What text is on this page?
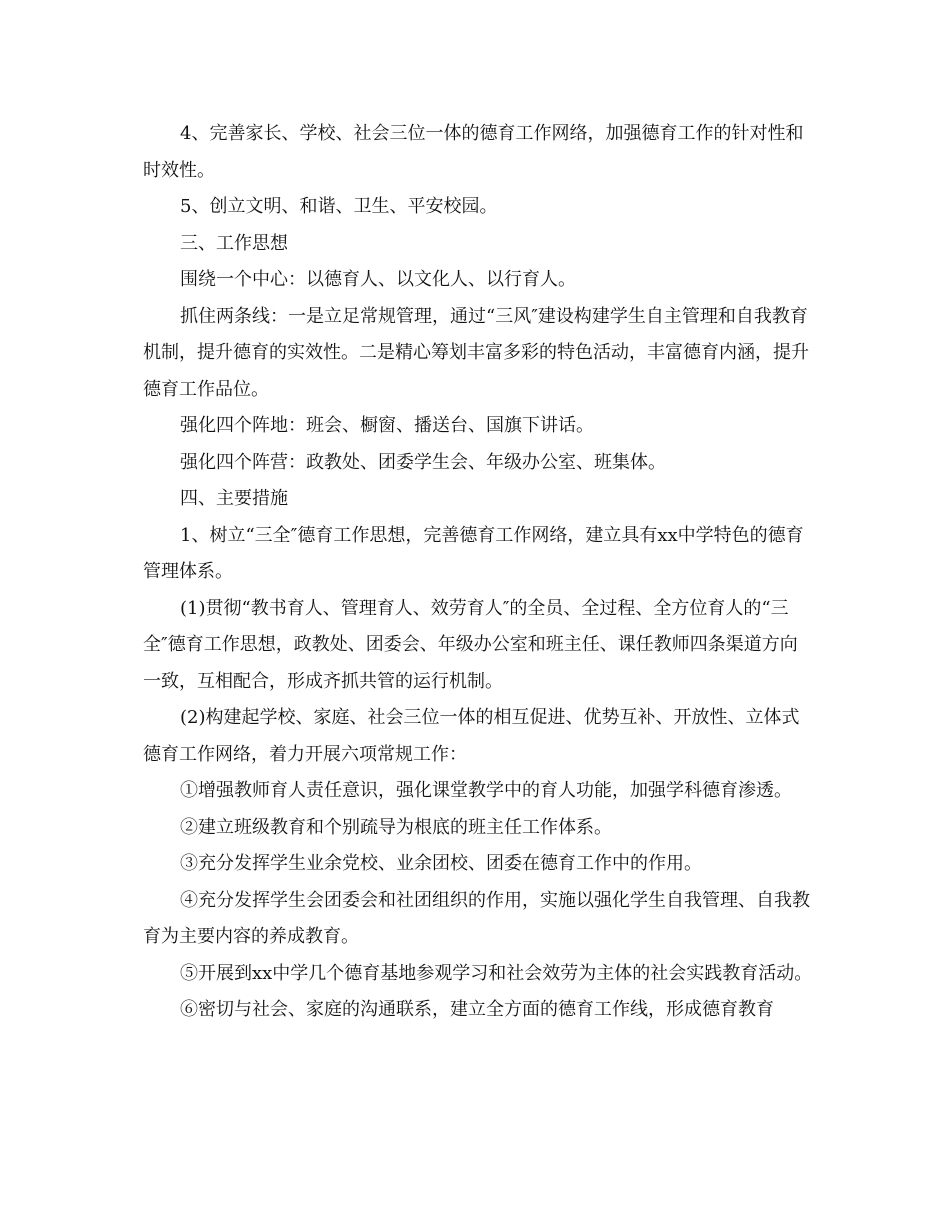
4、完善家长、学校、社会三位一体的德育工作网络，加强德育工作的针对性和时效性。

5、创立文明、和谐、卫生、平安校园。

三、工作思想

围绕一个中心：以德育人、以文化人、以行育人。

抓住两条线：一是立足常规管理，通过“三风″建设构建学生自主管理和自我教育机制，提升德育的实效性。二是精心筹划丰富多彩的特色活动，丰富德育内涵，提升德育工作品位。

强化四个阵地：班会、橱窗、播送台、国旗下讲话。

强化四个阵营：政教处、团委学生会、年级办公室、班集体。

四、主要措施

1、树立“三全″德育工作思想，完善德育工作网络，建立具有xx中学特色的德育管理体系。

(1)贯彻“教书育人、管理育人、效劳育人″的全员、全过程、全方位育人的“三全″德育工作思想，政教处、团委会、年级办公室和班主任、课任教师四条渠道方向一致，互相配合，形成齐抓共管的运行机制。

(2)构建起学校、家庭、社会三位一体的相互促进、优势互补、开放性、立体式德育工作网络，着力开展六项常规工作：

①增强教师育人责任意识，强化课堂教学中的育人功能，加强学科德育渗透。

②建立班级教育和个别疏导为根底的班主任工作体系。

③充分发挥学生业余党校、业余团校、团委在德育工作中的作用。

④充分发挥学生会团委会和社团组织的作用，实施以强化学生自我管理、自我教育为主要内容的养成教育。

⑤开展到xx中学几个德育基地参观学习和社会效劳为主体的社会实践教育活动。

⑥密切与社会、家庭的沟通联系，建立全方面的德育工作线，形成德育教育
